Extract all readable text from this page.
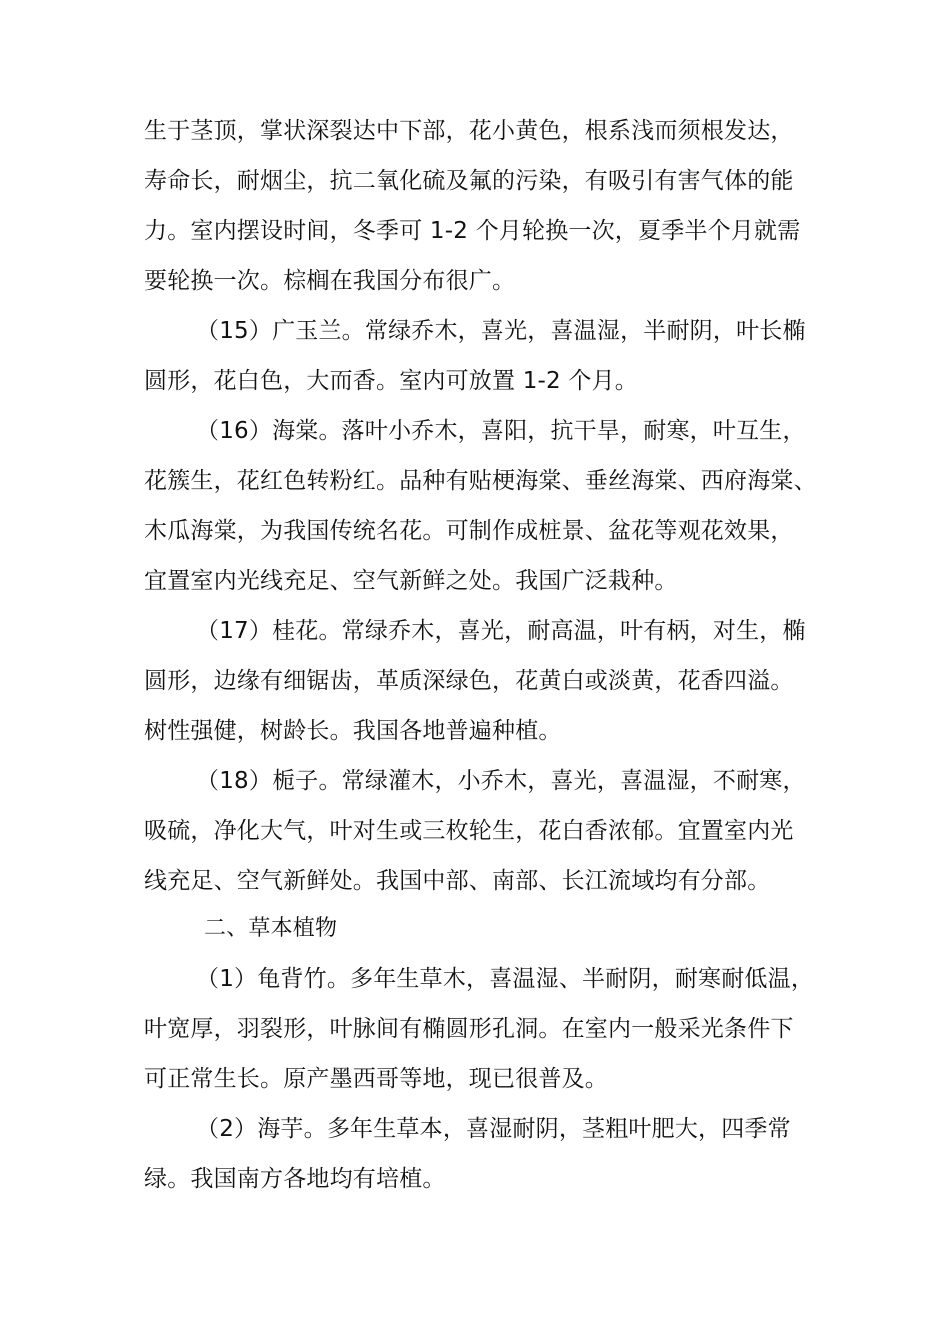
生于茎顶，掌状深裂达中下部，花小黄色，根系浅而须根发达，
寿命长，耐烟尘，抗二氧化硫及氟的污染，有吸引有害气体的能
力。室内摆设时间，冬季可 1-2 个月轮换一次，夏季半个月就需
要轮换一次。棕榈在我国分布很广。
（15）广玉兰。常绿乔木，喜光，喜温湿，半耐阴，叶长椭
圆形，花白色，大而香。室内可放置 1-2 个月。
（16）海棠。落叶小乔木，喜阳，抗干旱，耐寒，叶互生，
花簇生，花红色转粉红。品种有贴梗海棠、垂丝海棠、西府海棠、
木瓜海棠，为我国传统名花。可制作成桩景、盆花等观花效果，
宜置室内光线充足、空气新鲜之处。我国广泛栽种。
（17）桂花。常绿乔木，喜光，耐高温，叶有柄，对生，椭
圆形，边缘有细锯齿，革质深绿色，花黄白或淡黄，花香四溢。
树性强健，树龄长。我国各地普遍种植。
（18）栀子。常绿灌木，小乔木，喜光，喜温湿，不耐寒，
吸硫，净化大气，叶对生或三枚轮生，花白香浓郁。宜置室内光
线充足、空气新鲜处。我国中部、南部、长江流域均有分部。
二、草本植物
（1）龟背竹。多年生草木，喜温湿、半耐阴，耐寒耐低温，
叶宽厚，羽裂形，叶脉间有椭圆形孔洞。在室内一般采光条件下
可正常生长。原产墨西哥等地，现已很普及。
（2）海芋。多年生草本，喜湿耐阴，茎粗叶肥大，四季常
绿。我国南方各地均有培植。
